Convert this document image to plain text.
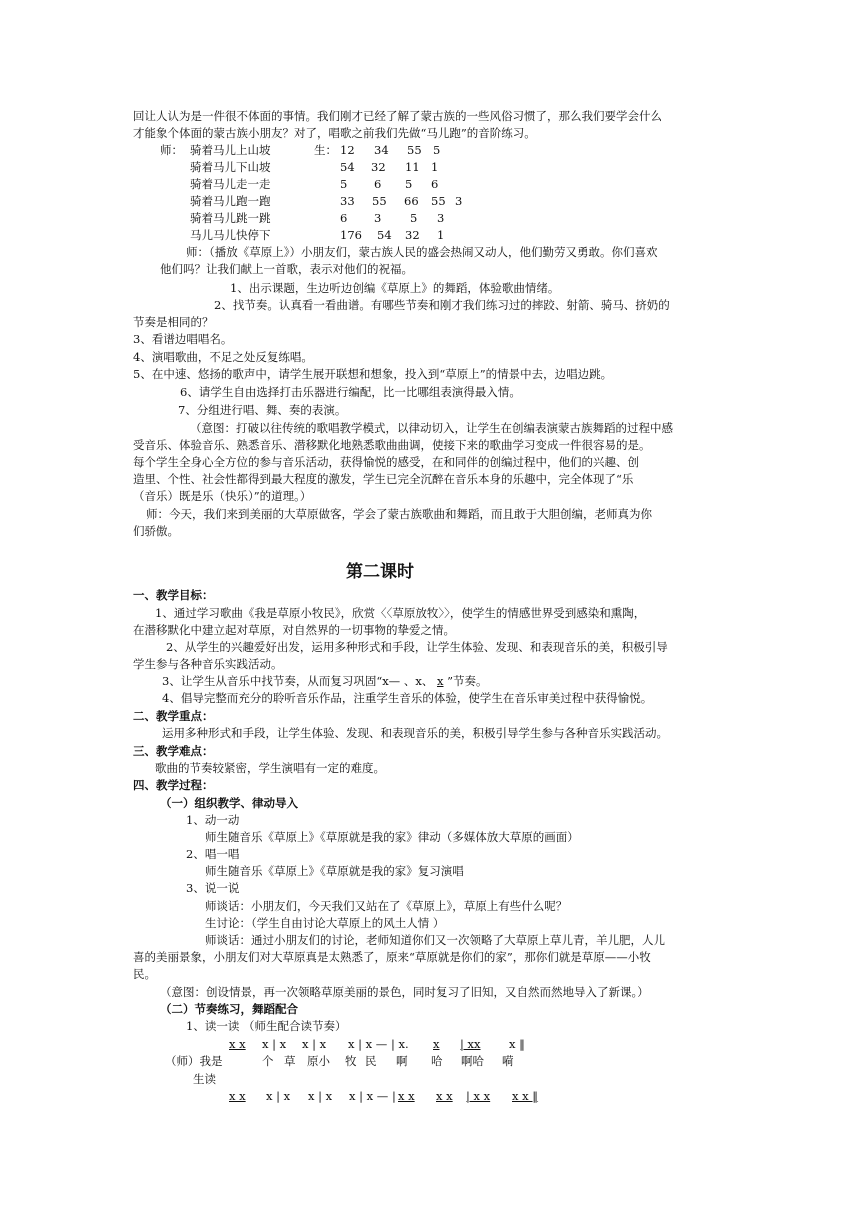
回让人认为是一件很不体面的事情。我们刚才已经了解了蒙古族的一些风俗习惯了，那么我们要学会什么
才能象个体面的蒙古族小朋友？对了，唱歌之前我们先做“马儿跑”的音阶练习。
师： 骑着马儿上山坡	生： 12 34 55 5
骑着马儿下山坡	54 32 11 1
骑着马儿走一走	5 6 5 6
骑着马儿跑一跑	33 55 66 55 3
骑着马儿跳一跳	6 3 5 3
马儿马儿快停下	176 54 32 1
师：（播放《草原上》）小朋友们，蒙古族人民的盛会热闹又动人，他们勤劳又勇敢。你们喜欢
他们吗？让我们献上一首歌，表示对他们的祝福。
1、出示课题，生边听边创编《草原上》的舞蹈，体验歌曲情绪。
2、找节奏。认真看一看曲谱。有哪些节奏和刚才我们练习过的摔跤、射箭、骑马、挤奶的
节奏是相同的？
3、看谱边唱唱名。
4、演唱歌曲，不足之处反复练唱。
5、在中速、悠扬的歌声中，请学生展开联想和想象，投入到“草原上”的情景中去，边唱边跳。
6、请学生自由选择打击乐器进行编配，比一比哪组表演得最入情。
7、分组进行唱、舞、奏的表演。
（意图：打破以往传统的歌唱教学模式，以律动切入，让学生在创编表演蒙古族舞蹈的过程中感
受音乐、体验音乐、熟悉音乐、潜移默化地熟悉歌曲曲调，使接下来的歌曲学习变成一件很容易的是。
每个学生全身心全方位的参与音乐活动，获得愉悦的感受，在和同伴的创编过程中，他们的兴趣、创
造里、个性、社会性都得到最大程度的激发，学生已完全沉醉在音乐本身的乐趣中，完全体现了“乐
（音乐）既是乐（快乐）”的道理。）
师：今天，我们来到美丽的大草原做客，学会了蒙古族歌曲和舞蹈，而且敢于大胆创编，老师真为你
们骄傲。
第二课时
一、教学目标：
1、通过学习歌曲《我是草原小牧民》，欣赏〈〈草原放牧〉〉，使学生的情感世界受到感染和熏陶，
在潜移默化中建立起对草原，对自然界的一切事物的挚爱之情。
2、从学生的兴趣爱好出发，运用多种形式和手段，让学生体验、发现、和表现音乐的美，积极引导
学生参与各种音乐实践活动。
3、让学生从音乐中找节奏，从而复习巩固“x— 、x、 x ”节奏。
4、倡导完整而充分的聆听音乐作品，注重学生音乐的体验，使学生在音乐审美过程中获得愉悦。
二、教学重点：
运用多种形式和手段，让学生体验、发现、和表现音乐的美，积极引导学生参与各种音乐实践活动。
三、教学难点：
歌曲的节奏较紧密，学生演唱有一定的难度。
四、教学过程：
（一）组织教学、律动导入
1、动一动
师生随音乐《草原上》《草原就是我的家》律动（多媒体放大草原的画面）
2、唱一唱
师生随音乐《草原上》《草原就是我的家》复习演唱
3、说一说
师谈话：小朋友们，今天我们又站在了《草原上》，草原上有些什么呢？
生讨论：（学生自由讨论大草原上的风土人情 ）
师谈话：通过小朋友们的讨论，老师知道你们又一次领略了大草原上草儿青，羊儿肥，人儿
喜的美丽景象，小朋友们对大草原真是太熟悉了，原来“草原就是你们的家”，那你们就是草原——小牧
民。
（意图：创设情景，再一次领略草原美丽的景色，同时复习了旧知，又自然而然地导入了新课。）
（二）节奏练习，舞蹈配合
1、读一读 （师生配合读节奏）
x x x | x x | x x | x — | x. x | xx x ‖
（师）我是	个 草 原小 牧 民 啊 哈 啊哈 嗬
生读
x x x | x x | x x | x — | x x x x | x x x x ‖
